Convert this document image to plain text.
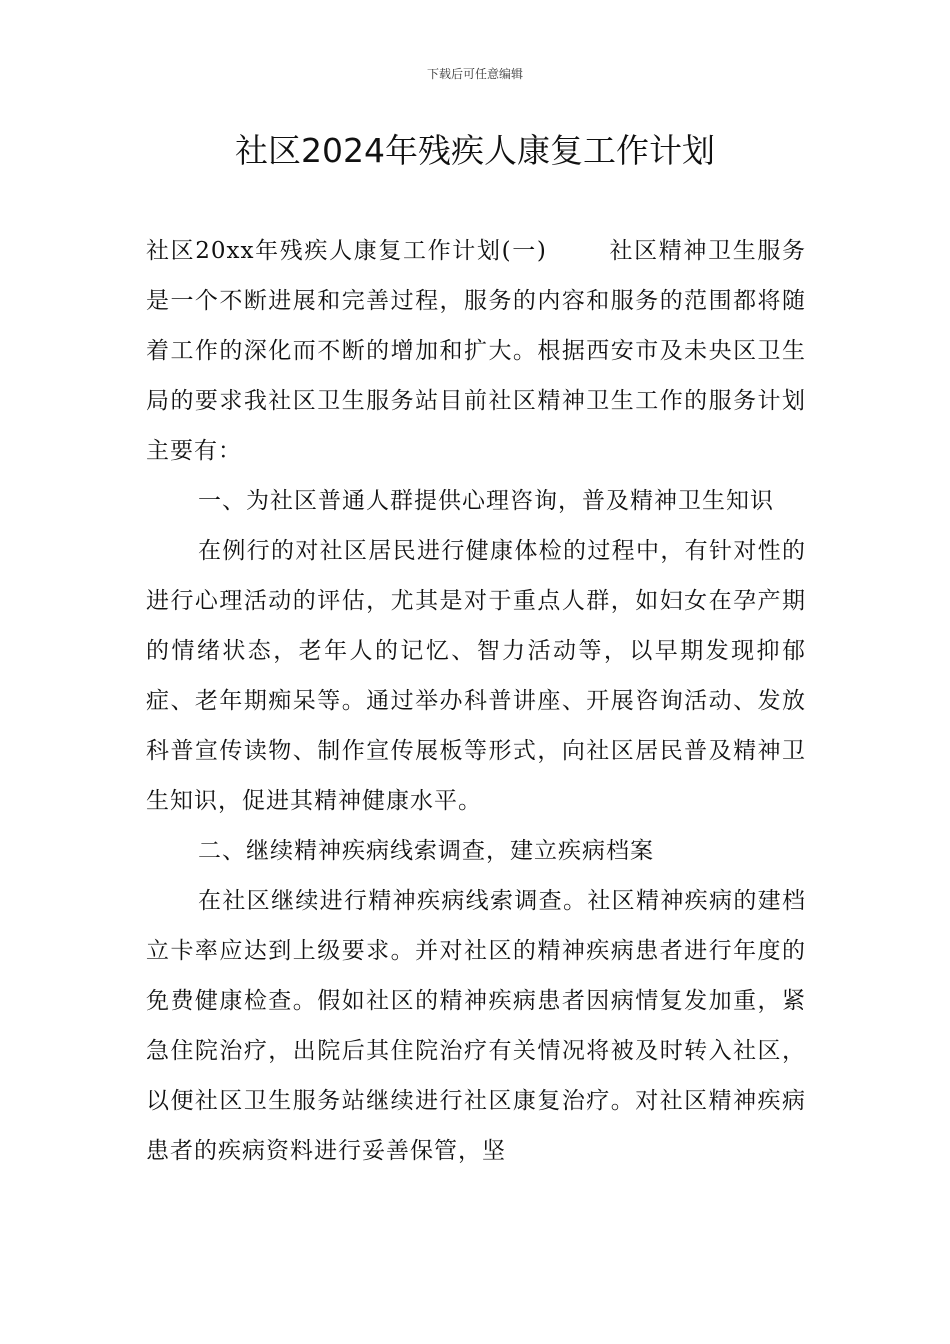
下载后可任意编辑
社区2024年残疾人康复工作计划

社区20xx年残疾人康复工作计划(一)	社区精神卫生服务是一个不断进展和完善过程，服务的内容和服务的范围都将随着工作的深化而不断的增加和扩大。根据西安市及未央区卫生局的要求我社区卫生服务站目前社区精神卫生工作的服务计划主要有：

一、为社区普通人群提供心理咨询，普及精神卫生知识

在例行的对社区居民进行健康体检的过程中，有针对性的进行心理活动的评估，尤其是对于重点人群，如妇女在孕产期的情绪状态，老年人的记忆、智力活动等，以早期发现抑郁症、老年期痴呆等。通过举办科普讲座、开展咨询活动、发放科普宣传读物、制作宣传展板等形式，向社区居民普及精神卫生知识，促进其精神健康水平。

二、继续精神疾病线索调查，建立疾病档案

在社区继续进行精神疾病线索调查。社区精神疾病的建档立卡率应达到上级要求。并对社区的精神疾病患者进行年度的免费健康检查。假如社区的精神疾病患者因病情复发加重，紧急住院治疗，出院后其住院治疗有关情况将被及时转入社区，以便社区卫生服务站继续进行社区康复治疗。对社区精神疾病患者的疾病资料进行妥善保管，坚
